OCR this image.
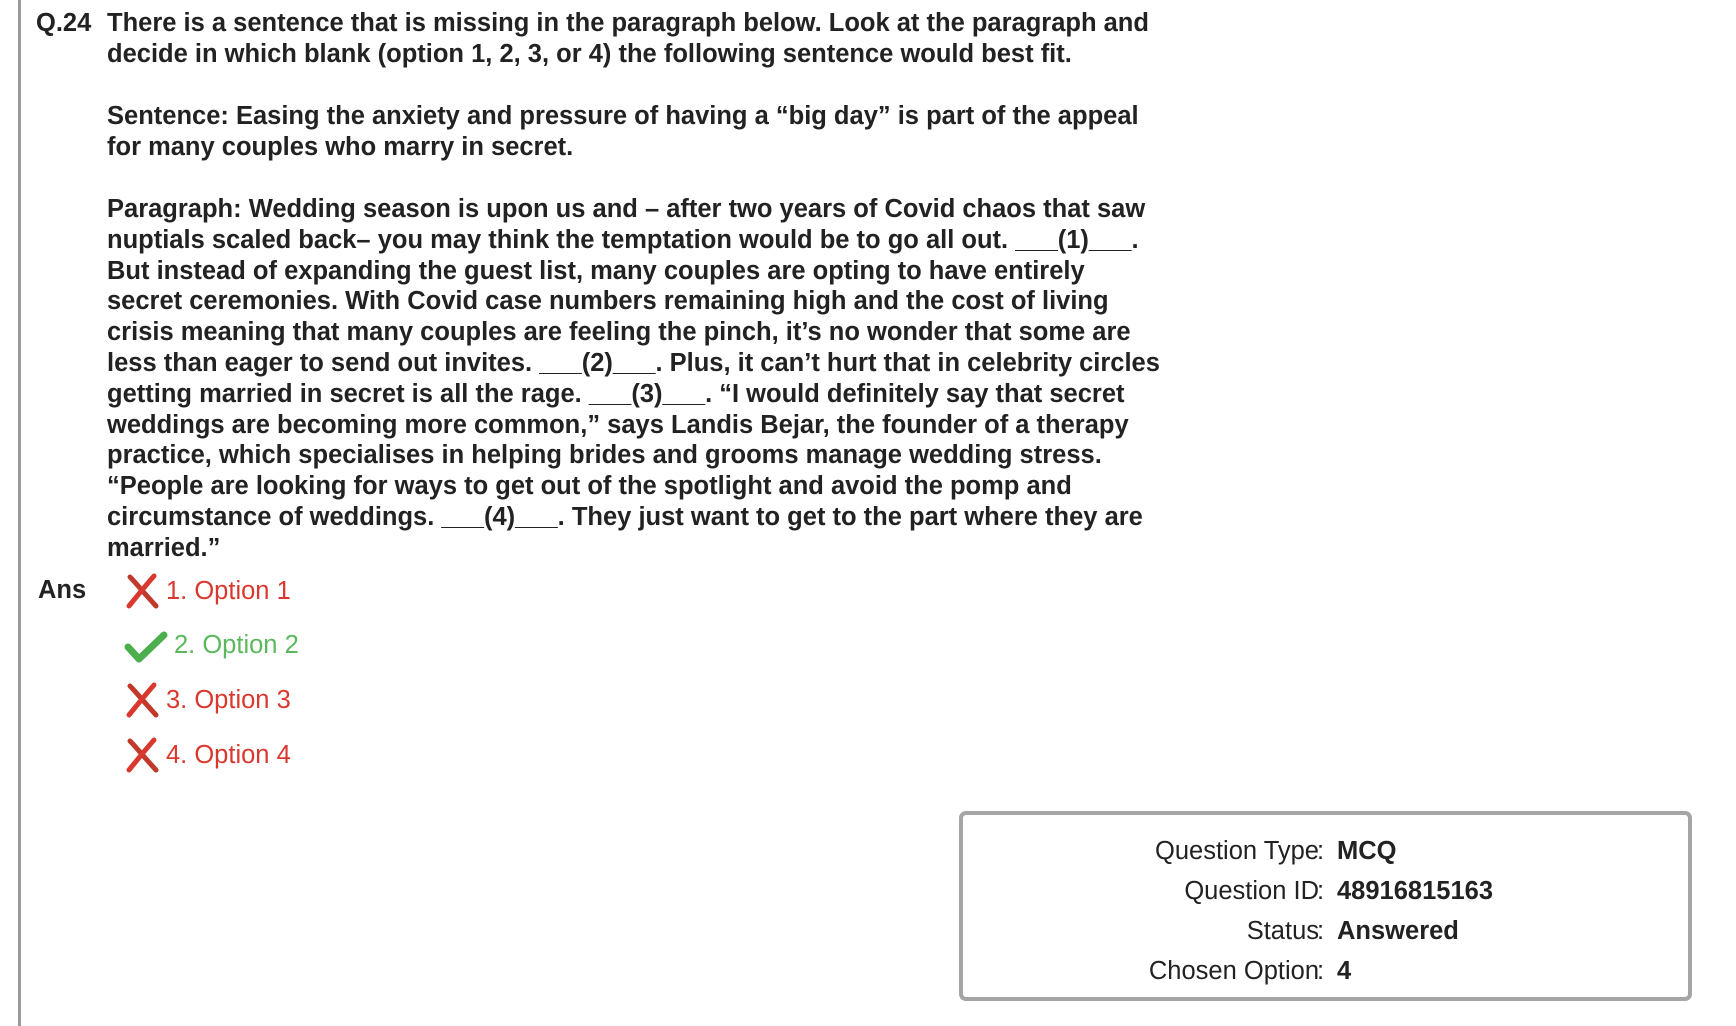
Q.24 There is a sentence that is missing in the paragraph below. Look at the paragraph and
decide in which blank (option 1, 2, 3, or 4) the following sentence would best fit.
Sentence: Easing the anxiety and pressure of having a “big day” is part of the appeal
for many couples who marry in secret.
Paragraph: Wedding season is upon us and – after two years of Covid chaos that saw
nuptials scaled back– you may think the temptation would be to go all out. ___(1)___.
But instead of expanding the guest list, many couples are opting to have entirely
secret ceremonies. With Covid case numbers remaining high and the cost of living
crisis meaning that many couples are feeling the pinch, it’s no wonder that some are
less than eager to send out invites. ___(2)___. Plus, it can’t hurt that in celebrity circles
getting married in secret is all the rage. ___(3)___. “I would definitely say that secret
weddings are becoming more common,” says Landis Bejar, the founder of a therapy
practice, which specialises in helping brides and grooms manage wedding stress.
“People are looking for ways to get out of the spotlight and avoid the pomp and
circumstance of weddings. ___(4)___. They just want to get to the part where they are
married.”
Ans	1. Option 1
2. Option 2
3. Option 3
4. Option 4
Question Type
: MCQ
Question ID
: 48916815163
Status
: Answered
Chosen Option
: 4
